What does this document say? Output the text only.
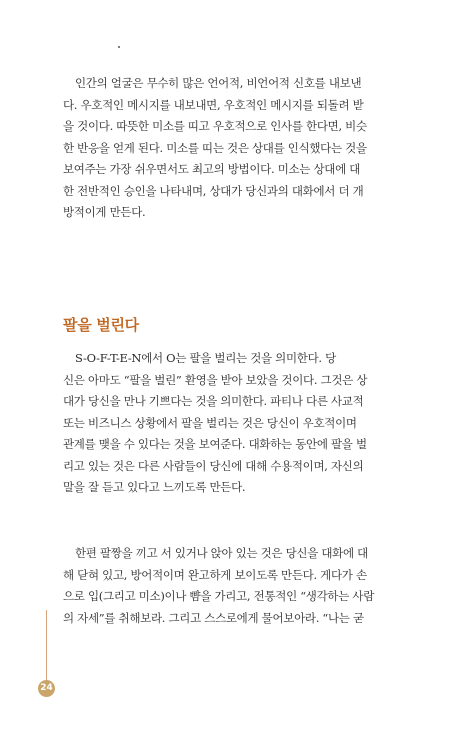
인간의 얼굴은 무수히 많은 언어적, 비언어적 신호를 내보낸
다. 우호적인 메시지를 내보내면, 우호적인 메시지를 되돌려 받
을 것이다. 따뜻한 미소를 띠고 우호적으로 인사를 한다면, 비슷
한 반응을 얻게 된다. 미소를 띠는 것은 상대를 인식했다는 것을
보여주는 가장 쉬우면서도 최고의 방법이다. 미소는 상대에 대
한 전반적인 승인을 나타내며, 상대가 당신과의 대화에서 더 개
방적이게 만든다.
팔을 벌린다
S-O-F-T-E-N에서 O는 팔을 벌리는 것을 의미한다. 당
신은 아마도 “팔을 벌린” 환영을 받아 보았을 것이다. 그것은 상
대가 당신을 만나 기쁘다는 것을 의미한다. 파티나 다른 사교적
또는 비즈니스 상황에서 팔을 벌리는 것은 당신이 우호적이며
관계를 맺을 수 있다는 것을 보여준다. 대화하는 동안에 팔을 벌
리고 있는 것은 다른 사람들이 당신에 대해 수용적이며, 자신의
말을 잘 듣고 있다고 느끼도록 만든다.
한편 팔짱을 끼고 서 있거나 앉아 있는 것은 당신을 대화에 대
해 닫혀 있고, 방어적이며 완고하게 보이도록 만든다. 게다가 손
으로 입(그리고 미소)이나 뺨을 가리고, 전통적인 “생각하는 사람
의 자세”를 취해보라. 그리고 스스로에게 물어보아라. “나는 굳
24
